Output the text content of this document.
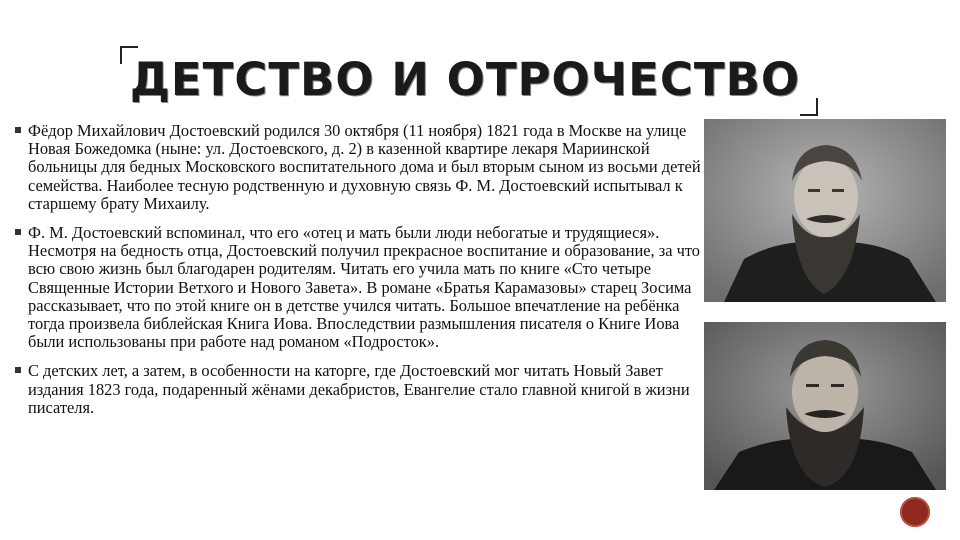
ДЕТСТВО И ОТРОЧЕСТВО
Фёдор Михайлович Достоевский родился 30 октября (11 ноября) 1821 года в Москве на улице Новая Божедомка (ныне: ул. Достоевского, д. 2) в казенной квартире лекаря Мариинской больницы для бедных Московского воспитательного дома и был вторым сыном из восьми детей семейства. Наиболее тесную родственную и духовную связь Ф. М. Достоевский испытывал к старшему брату Михаилу.
Ф. М. Достоевский вспоминал, что его «отец и мать были люди небогатые и трудящиеся». Несмотря на бедность отца, Достоевский получил прекрасное воспитание и образование, за что всю свою жизнь был благодарен родителям. Читать его учила мать по книге «Сто четыре Священные Истории Ветхого и Нового Завета». В романе «Братья Карамазовы» старец Зосима рассказывает, что по этой книге он в детстве учился читать. Большое впечатление на ребёнка тогда произвела библейская Книга Иова. Впоследствии размышления писателя о Книге Иова были использованы при работе над романом «Подросток».
С детских лет, а затем, в особенности на каторге, где Достоевский мог читать Новый Завет издания 1823 года, подаренный жёнами декабристов, Евангелие стало главной книгой в жизни писателя.
